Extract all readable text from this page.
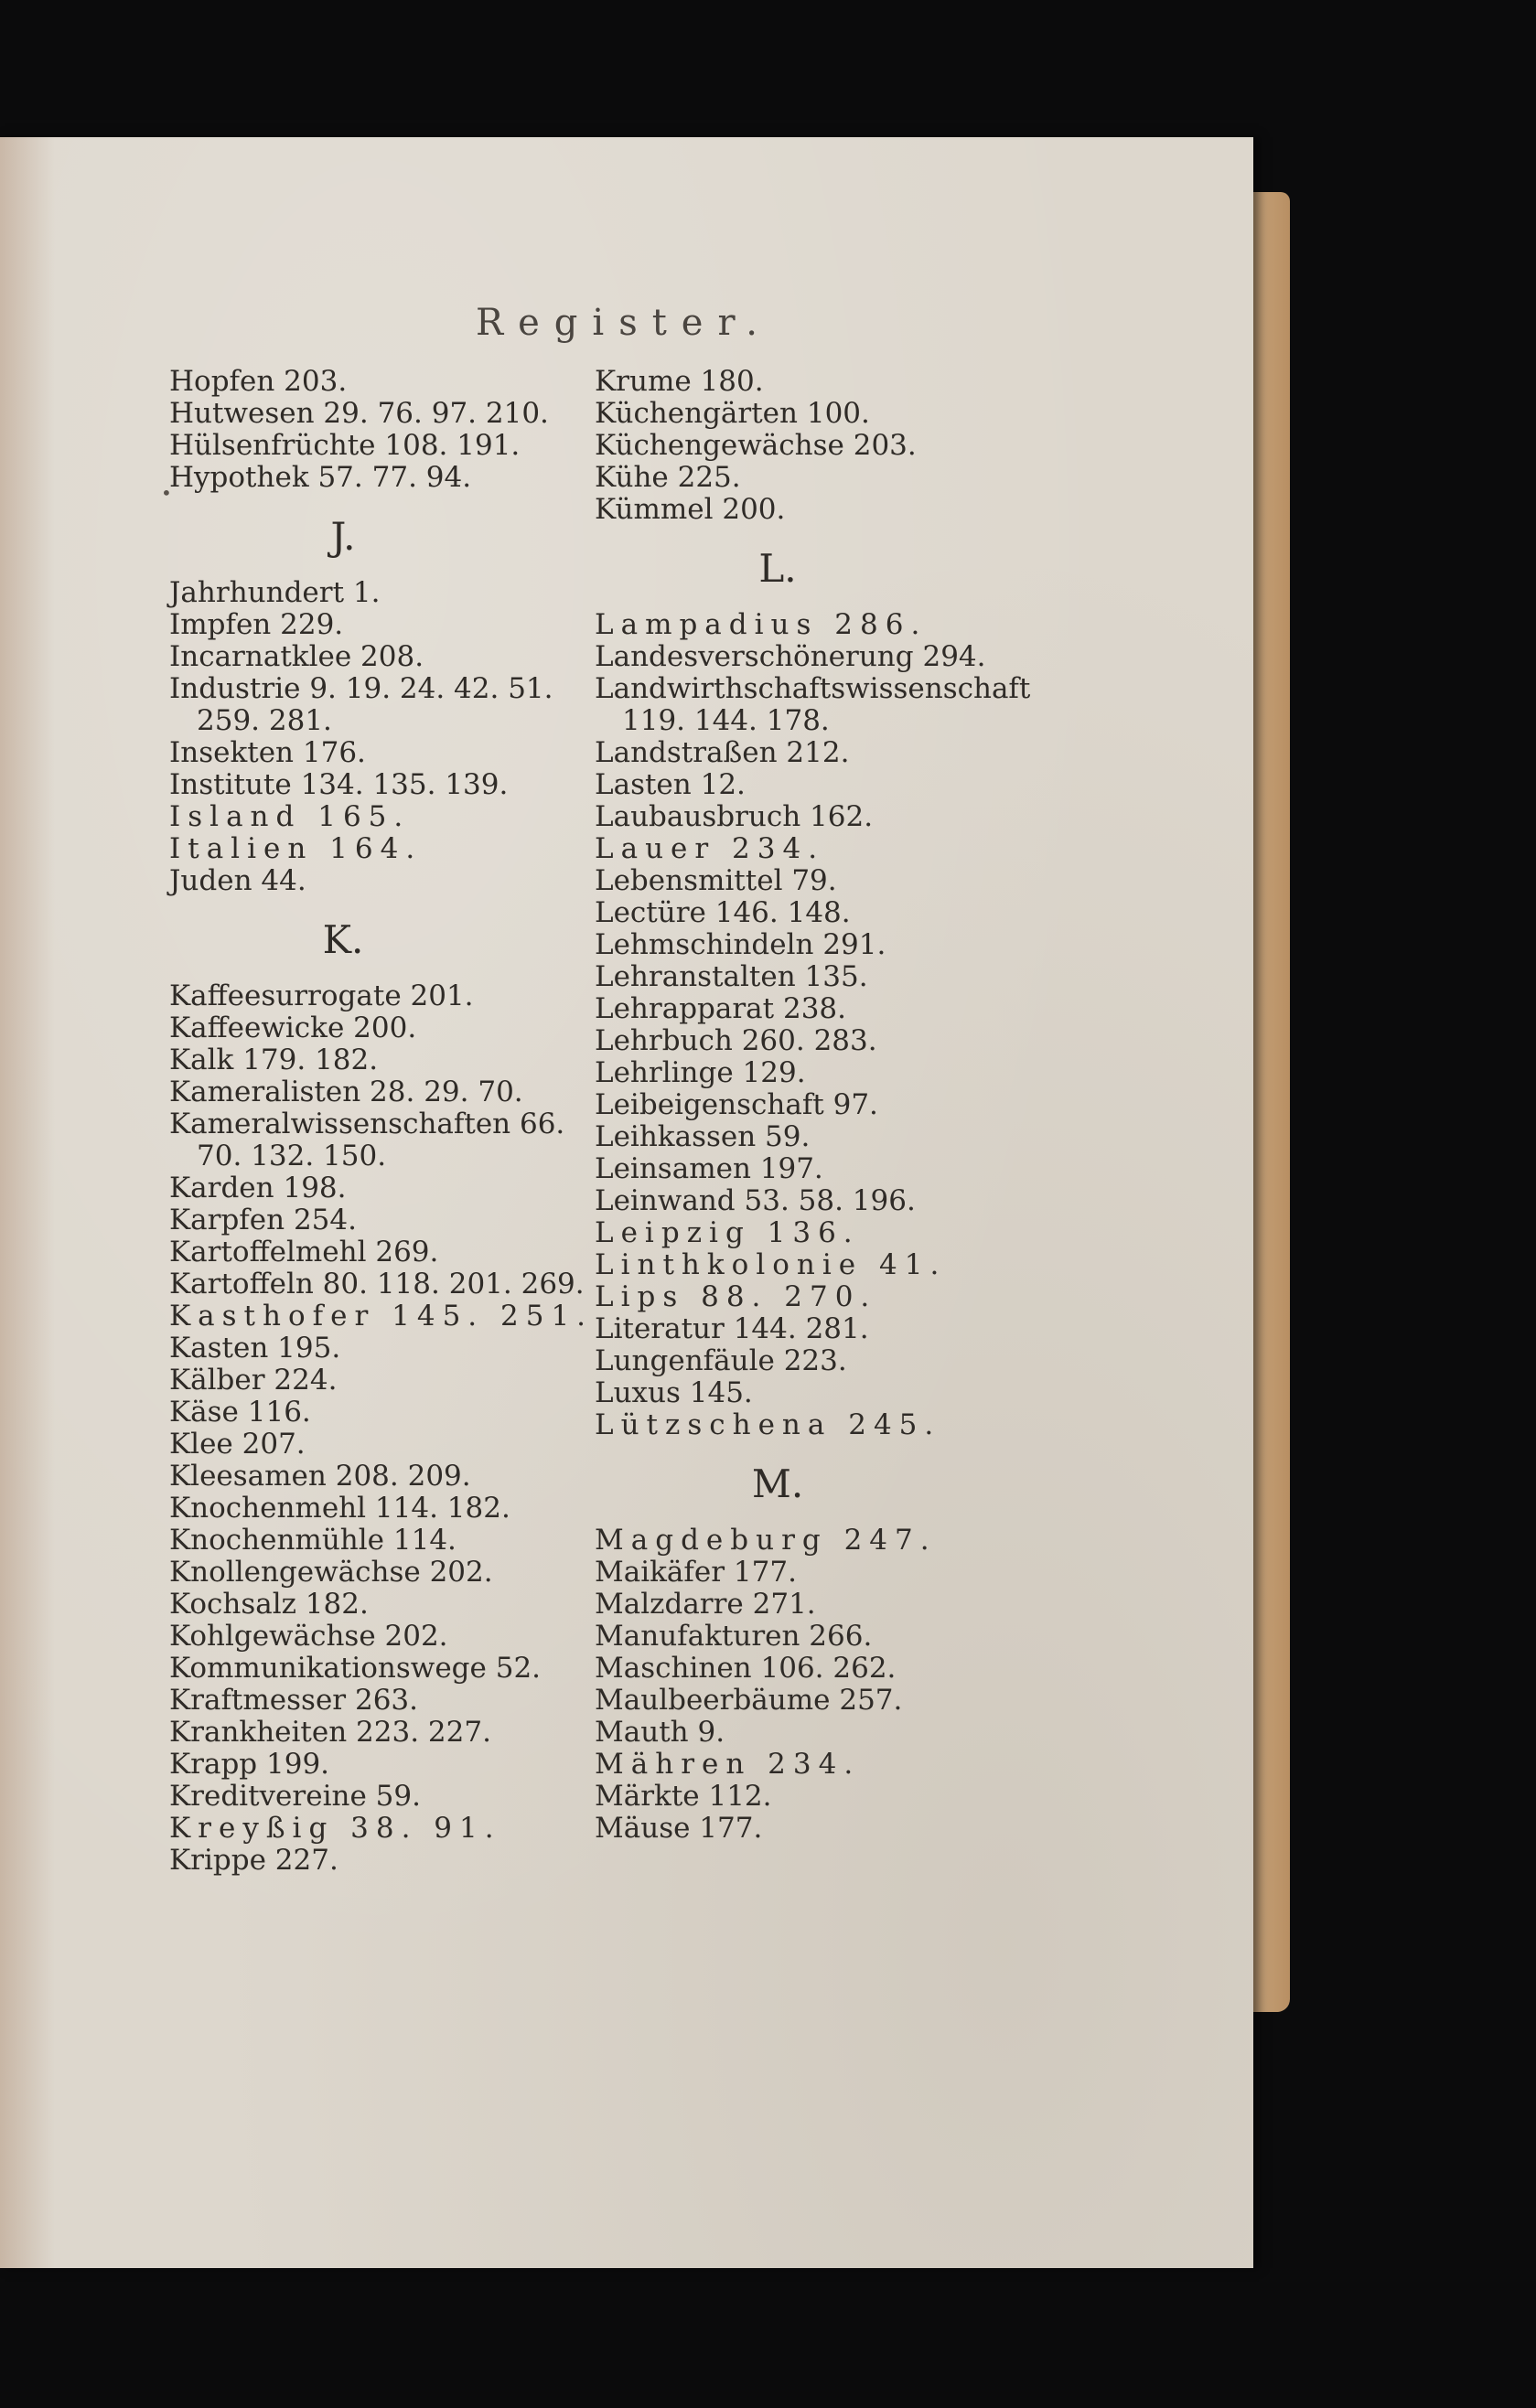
Register.
•
Hopfen 203.
Hutwesen 29. 76. 97. 210.
Hülsenfrüchte 108. 191.
Hypothek 57. 77. 94.
J.
Jahrhundert 1.
Impfen 229.
Incarnatklee 208.
Industrie 9. 19. 24. 42. 51.
259. 281.
Insekten 176.
Institute 134. 135. 139.
Island 165.
Italien 164.
Juden 44.
K.
Kaffeesurrogate 201.
Kaffeewicke 200.
Kalk 179. 182.
Kameralisten 28. 29. 70.
Kameralwissenschaften 66.
70. 132. 150.
Karden 198.
Karpfen 254.
Kartoffelmehl 269.
Kartoffeln 80. 118. 201. 269.
Kasthofer 145. 251.
Kasten 195.
Kälber 224.
Käse 116.
Klee 207.
Kleesamen 208. 209.
Knochenmehl 114. 182.
Knochenmühle 114.
Knollengewächse 202.
Kochsalz 182.
Kohlgewächse 202.
Kommunikationswege 52.
Kraftmesser 263.
Krankheiten 223. 227.
Krapp 199.
Kreditvereine 59.
Kreyßig 38. 91.
Krippe 227.
Krume 180.
Küchengärten 100.
Küchengewächse 203.
Kühe 225.
Kümmel 200.
L.
Lampadius 286.
Landesverschönerung 294.
Landwirthschaftswissenschaft
119. 144. 178.
Landstraßen 212.
Lasten 12.
Laubausbruch 162.
Lauer 234.
Lebensmittel 79.
Lectüre 146. 148.
Lehmschindeln 291.
Lehranstalten 135.
Lehrapparat 238.
Lehrbuch 260. 283.
Lehrlinge 129.
Leibeigenschaft 97.
Leihkassen 59.
Leinsamen 197.
Leinwand 53. 58. 196.
Leipzig 136.
Linthkolonie 41.
Lips 88. 270.
Literatur 144. 281.
Lungenfäule 223.
Luxus 145.
Lützschena 245.
M.
Magdeburg 247.
Maikäfer 177.
Malzdarre 271.
Manufakturen 266.
Maschinen 106. 262.
Maulbeerbäume 257.
Mauth 9.
Mähren 234.
Märkte 112.
Mäuse 177.
